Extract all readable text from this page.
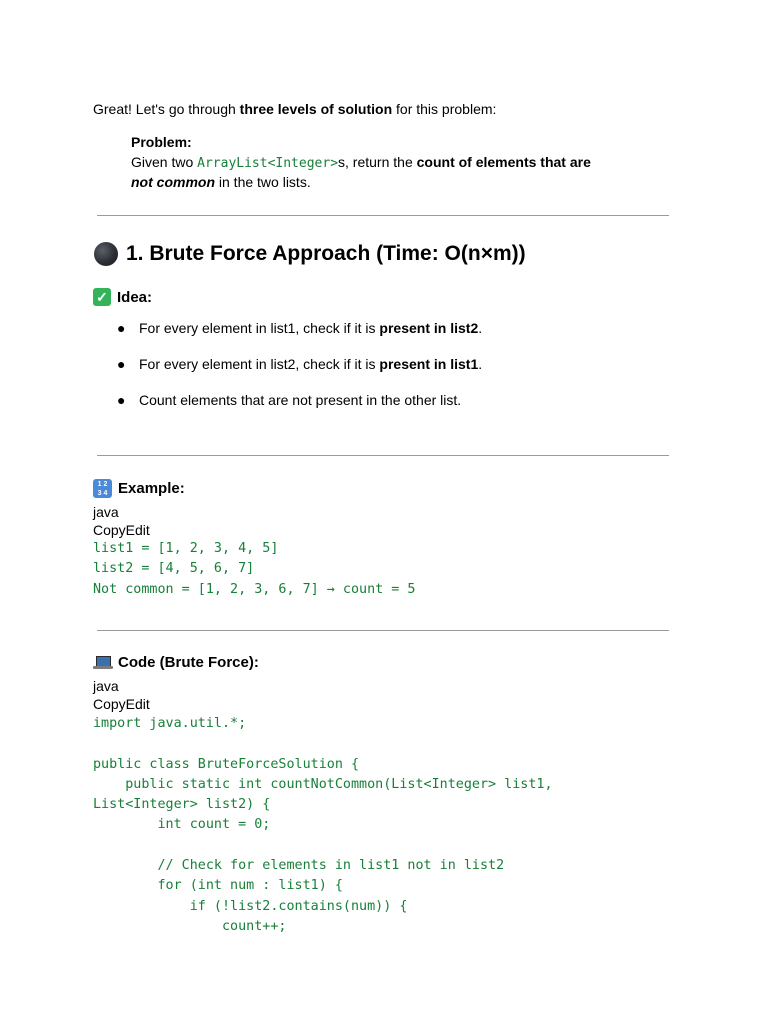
Great! Let's go through three levels of solution for this problem:
Problem:
Given two ArrayList<Integer>s, return the count of elements that are
not common in the two lists.
1. Brute Force Approach (Time: O(n×m))
✓ Idea:
● For every element in list1, check if it is present in list2.
● For every element in list2, check if it is present in list1.
● Count elements that are not present in the other list.
1 2
3 4 Example:
java
CopyEdit
list1 = [1, 2, 3, 4, 5]
list2 = [4, 5, 6, 7]
Not common = [1, 2, 3, 6, 7] → count = 5
Code (Brute Force):
java
CopyEdit
import java.util.*;

public class BruteForceSolution {
public static int countNotCommon(List<Integer> list1,
List<Integer> list2) {
int count = 0;

// Check for elements in list1 not in list2
for (int num : list1) {
if (!list2.contains(num)) {
count++;
